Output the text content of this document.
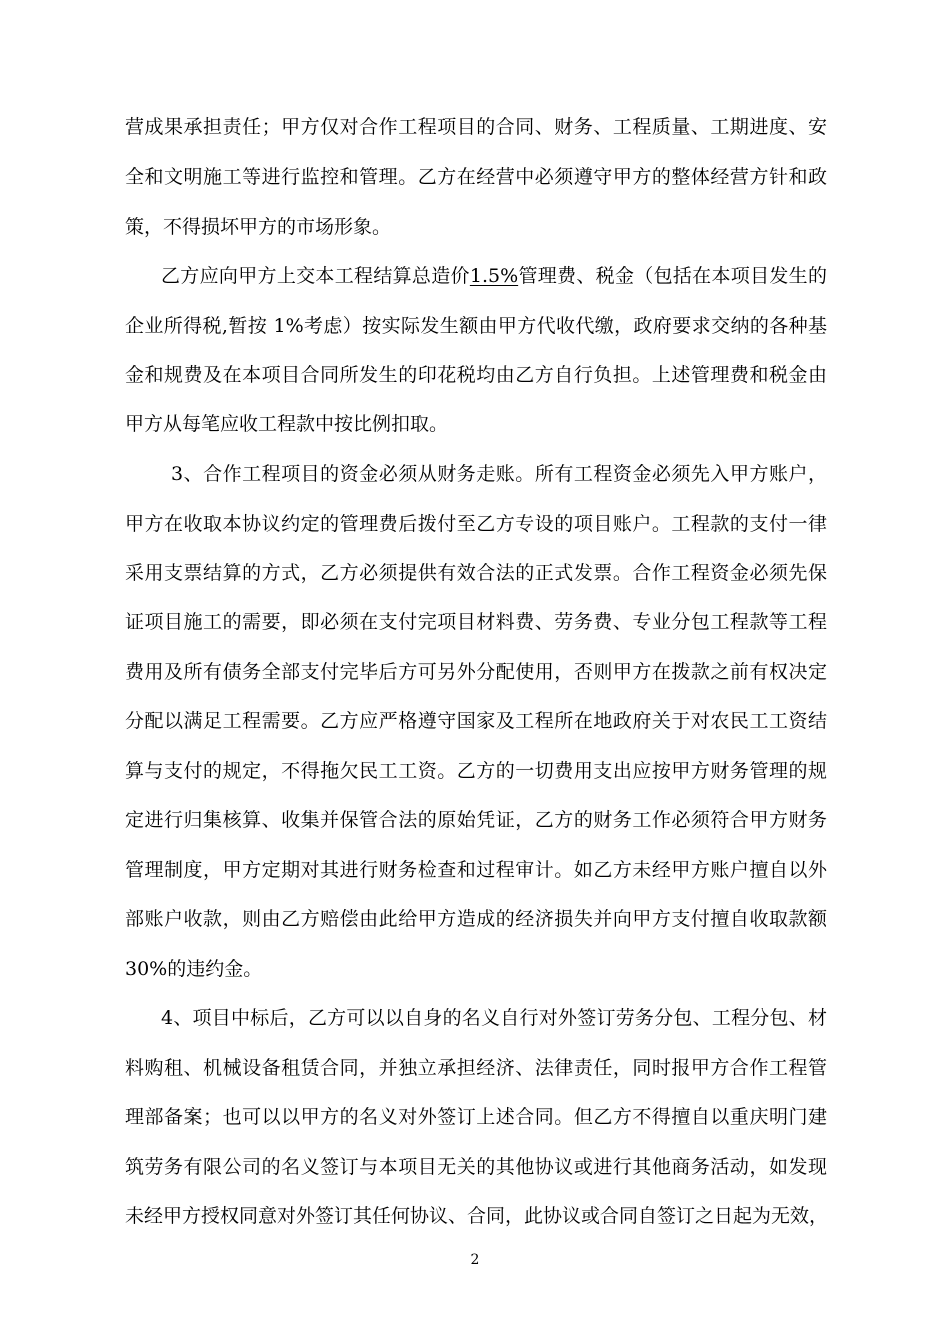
营成果承担责任；甲方仅对合作工程项目的合同、财务、工程质量、工期进度、安
全和文明施工等进行监控和管理。乙方在经营中必须遵守甲方的整体经营方针和政
策，不得损坏甲方的市场形象。
乙方应向甲方上交本工程结算总造价1.5%管理费、税金（包括在本项目发生的
企业所得税,暂按 1%考虑）按实际发生额由甲方代收代缴，政府要求交纳的各种基
金和规费及在本项目合同所发生的印花税均由乙方自行负担。上述管理费和税金由
甲方从每笔应收工程款中按比例扣取。
3、合作工程项目的资金必须从财务走账。所有工程资金必须先入甲方账户，
甲方在收取本协议约定的管理费后拨付至乙方专设的项目账户。工程款的支付一律
采用支票结算的方式，乙方必须提供有效合法的正式发票。合作工程资金必须先保
证项目施工的需要，即必须在支付完项目材料费、劳务费、专业分包工程款等工程
费用及所有债务全部支付完毕后方可另外分配使用，否则甲方在拨款之前有权决定
分配以满足工程需要。乙方应严格遵守国家及工程所在地政府关于对农民工工资结
算与支付的规定，不得拖欠民工工资。乙方的一切费用支出应按甲方财务管理的规
定进行归集核算、收集并保管合法的原始凭证，乙方的财务工作必须符合甲方财务
管理制度，甲方定期对其进行财务检查和过程审计。如乙方未经甲方账户擅自以外
部账户收款，则由乙方赔偿由此给甲方造成的经济损失并向甲方支付擅自收取款额
30%的违约金。
4、项目中标后，乙方可以以自身的名义自行对外签订劳务分包、工程分包、材
料购租、机械设备租赁合同，并独立承担经济、法律责任，同时报甲方合作工程管
理部备案；也可以以甲方的名义对外签订上述合同。但乙方不得擅自以重庆明门建
筑劳务有限公司的名义签订与本项目无关的其他协议或进行其他商务活动，如发现
未经甲方授权同意对外签订其任何协议、合同，此协议或合同自签订之日起为无效，
2
